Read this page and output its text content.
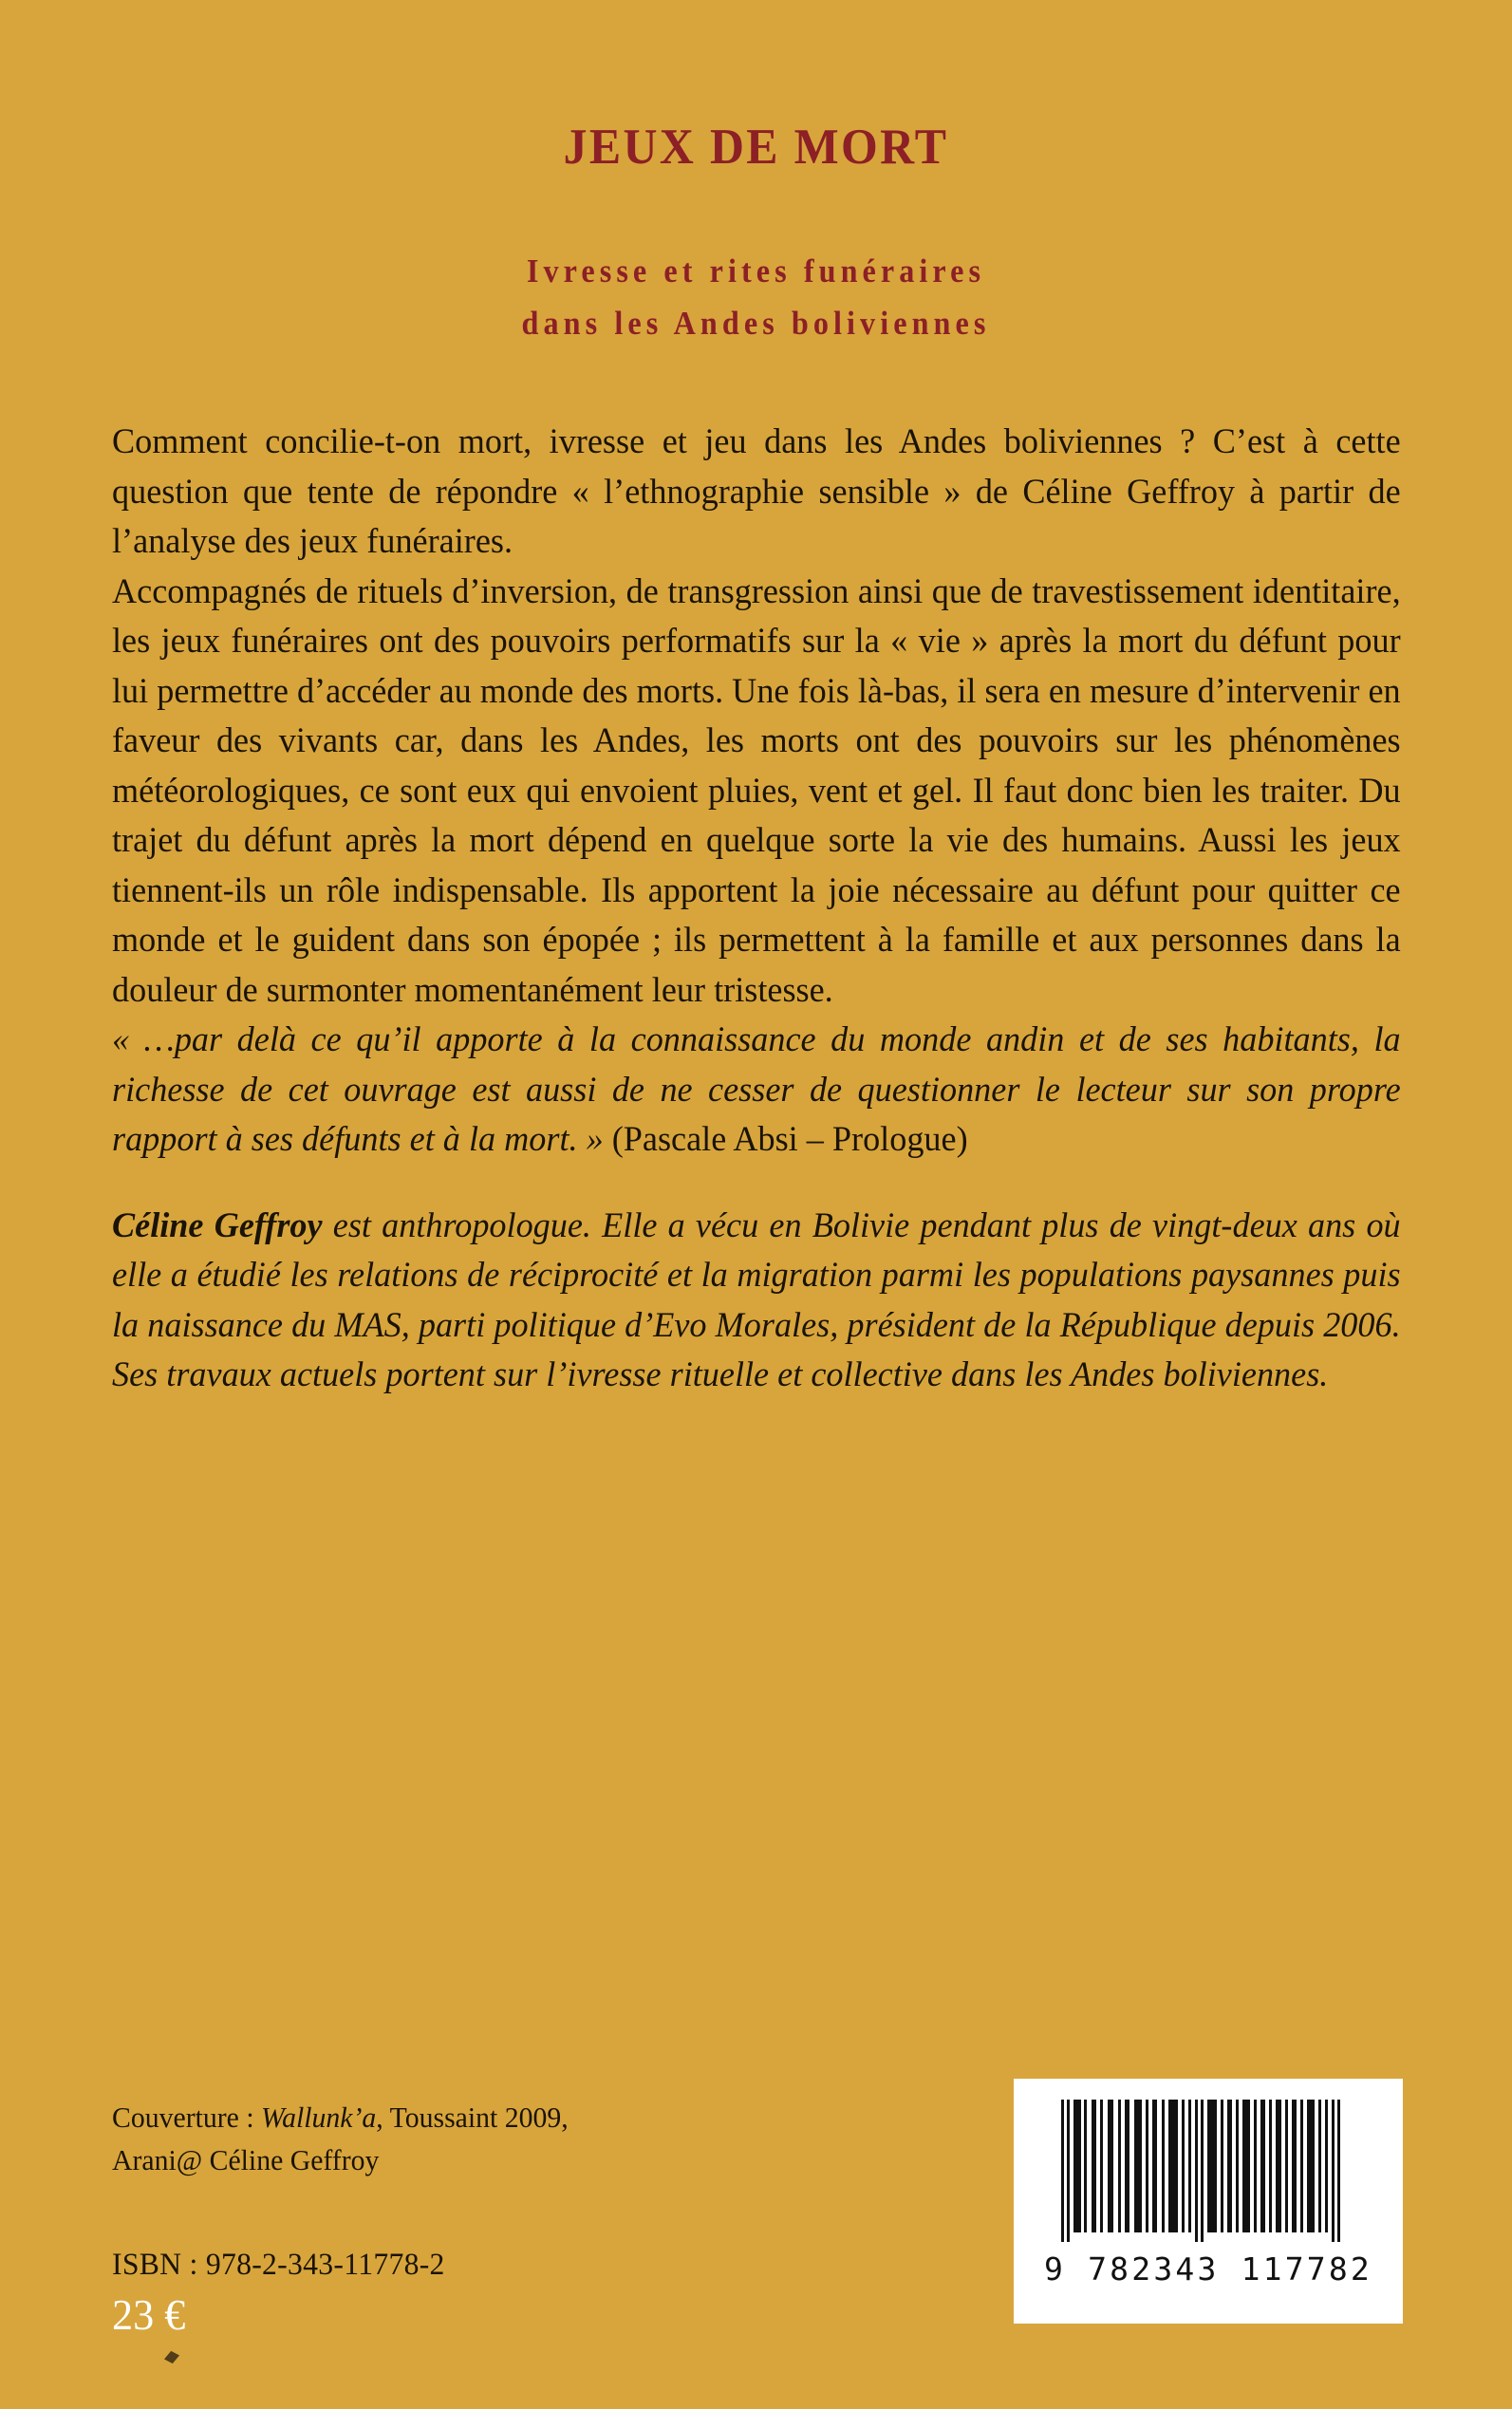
JEUX DE MORT

Ivresse et rites funéraires

dans les Andes boliviennes

Comment concilie-t-on mort, ivresse et jeu dans les Andes boliviennes ? C’est à cette question que tente de répondre « l’ethnographie sensible » de Céline Geffroy à partir de l’analyse des jeux funéraires.

Accompagnés de rituels d’inversion, de transgression ainsi que de travestissement identitaire, les jeux funéraires ont des pouvoirs performatifs sur la « vie » après la mort du défunt pour lui permettre d’accéder au monde des morts. Une fois là-bas, il sera en mesure d’intervenir en faveur des vivants car, dans les Andes, les morts ont des pouvoirs sur les phénomènes météorologiques, ce sont eux qui envoient pluies, vent et gel. Il faut donc bien les traiter. Du trajet du défunt après la mort dépend en quelque sorte la vie des humains. Aussi les jeux tiennent-ils un rôle indispensable. Ils apportent la joie nécessaire au défunt pour quitter ce monde et le guident dans son épopée ; ils permettent à la famille et aux personnes dans la douleur de surmonter momentanément leur tristesse.

« …par delà ce qu’il apporte à la connaissance du monde andin et de ses habitants, la richesse de cet ouvrage est aussi de ne cesser de questionner le lecteur sur son propre rapport à ses défunts et à la mort. » (Pascale Absi – Prologue)

Céline Geffroy est anthropologue. Elle a vécu en Bolivie pendant plus de vingt-deux ans où elle a étudié les relations de réciprocité et la migration parmi les populations paysannes puis la naissance du MAS, parti politique d’Evo Morales, président de la République depuis 2006. Ses travaux actuels portent sur l’ivresse rituelle et collective dans les Andes boliviennes.

Couverture : Wallunk’a, Toussaint 2009,

Arani@ Céline Geffroy

ISBN : 978-2-343-11778-2

23 €

9 782343 117782
